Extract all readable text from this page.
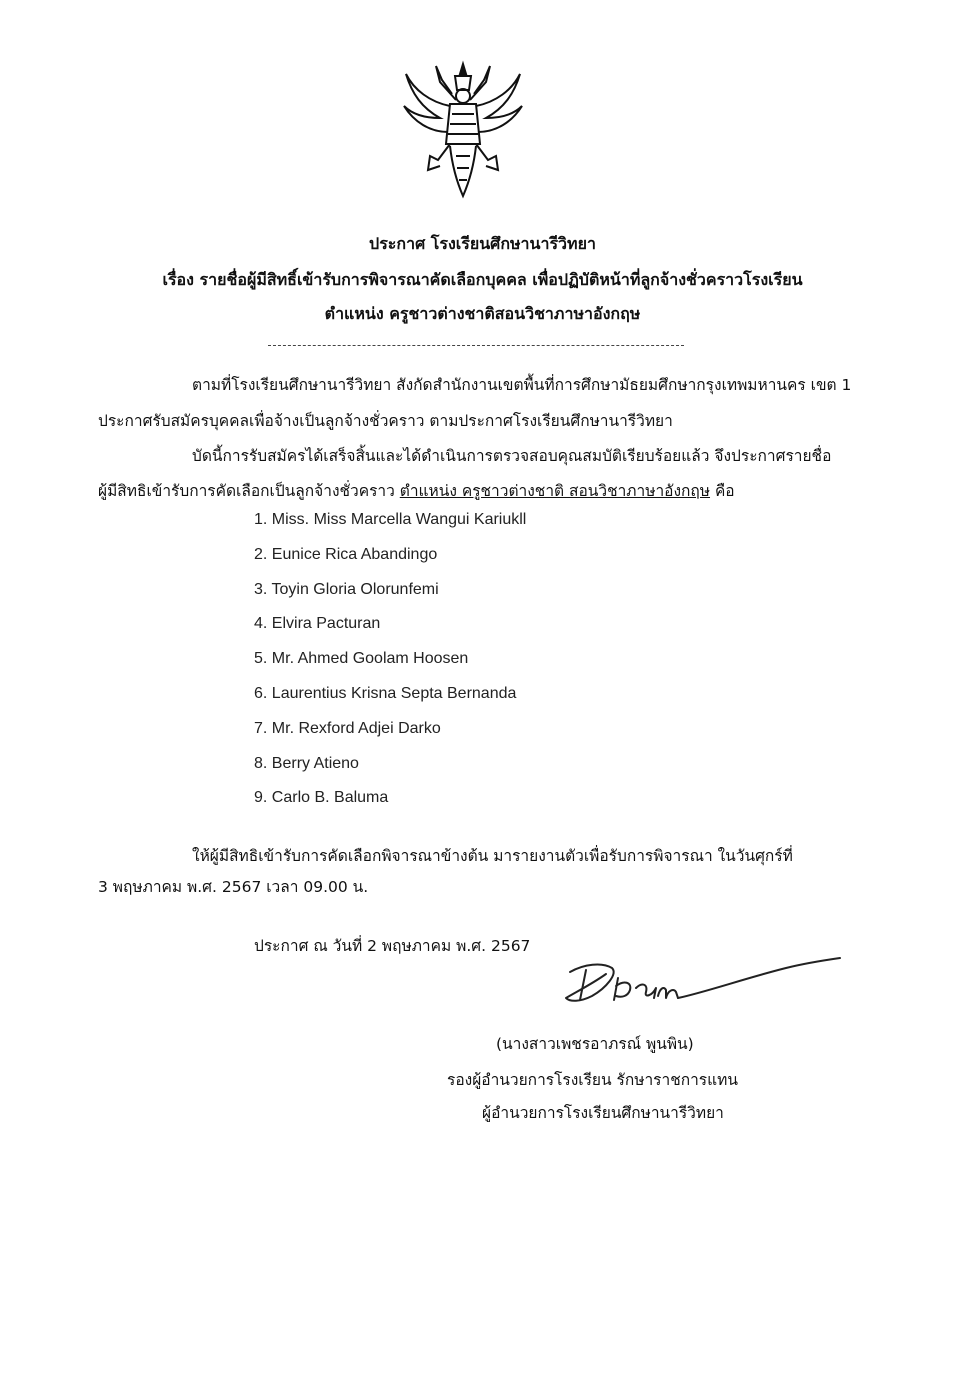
ประกาศ โรงเรียนศึกษานารีวิทยา
เรื่อง รายชื่อผู้มีสิทธิ์เข้ารับการพิจารณาคัดเลือกบุคคล เพื่อปฏิบัติหน้าที่ลูกจ้างชั่วคราวโรงเรียน
ตำแหน่ง ครูชาวต่างชาติสอนวิชาภาษาอังกฤษ
ตามที่โรงเรียนศึกษานารีวิทยา สังกัดสำนักงานเขตพื้นที่การศึกษามัธยมศึกษากรุงเทพมหานคร เขต 1
ประกาศรับสมัครบุคคลเพื่อจ้างเป็นลูกจ้างชั่วคราว ตามประกาศโรงเรียนศึกษานารีวิทยา
บัดนี้การรับสมัครได้เสร็จสิ้นและได้ดำเนินการตรวจสอบคุณสมบัติเรียบร้อยแล้ว จึงประกาศรายชื่อ
ผู้มีสิทธิเข้ารับการคัดเลือกเป็นลูกจ้างชั่วคราว ตำแหน่ง ครูชาวต่างชาติ สอนวิชาภาษาอังกฤษ คือ
1. Miss. Miss Marcella Wangui Kariukll
2. Eunice Rica Abandingo
3. Toyin Gloria Olorunfemi
4. Elvira Pacturan
5. Mr. Ahmed Goolam Hoosen
6. Laurentius Krisna Septa Bernanda
7. Mr. Rexford Adjei Darko
8. Berry Atieno
9. Carlo B. Baluma
ให้ผู้มีสิทธิเข้ารับการคัดเลือกพิจารณาข้างต้น มารายงานตัวเพื่อรับการพิจารณา ในวันศุกร์ที่
3 พฤษภาคม พ.ศ. 2567 เวลา 09.00 น.
ประกาศ ณ วันที่ 2 พฤษภาคม พ.ศ. 2567
(นางสาวเพชรอาภรณ์ พูนพิน)
รองผู้อำนวยการโรงเรียน รักษาราชการแทน
ผู้อำนวยการโรงเรียนศึกษานารีวิทยา
